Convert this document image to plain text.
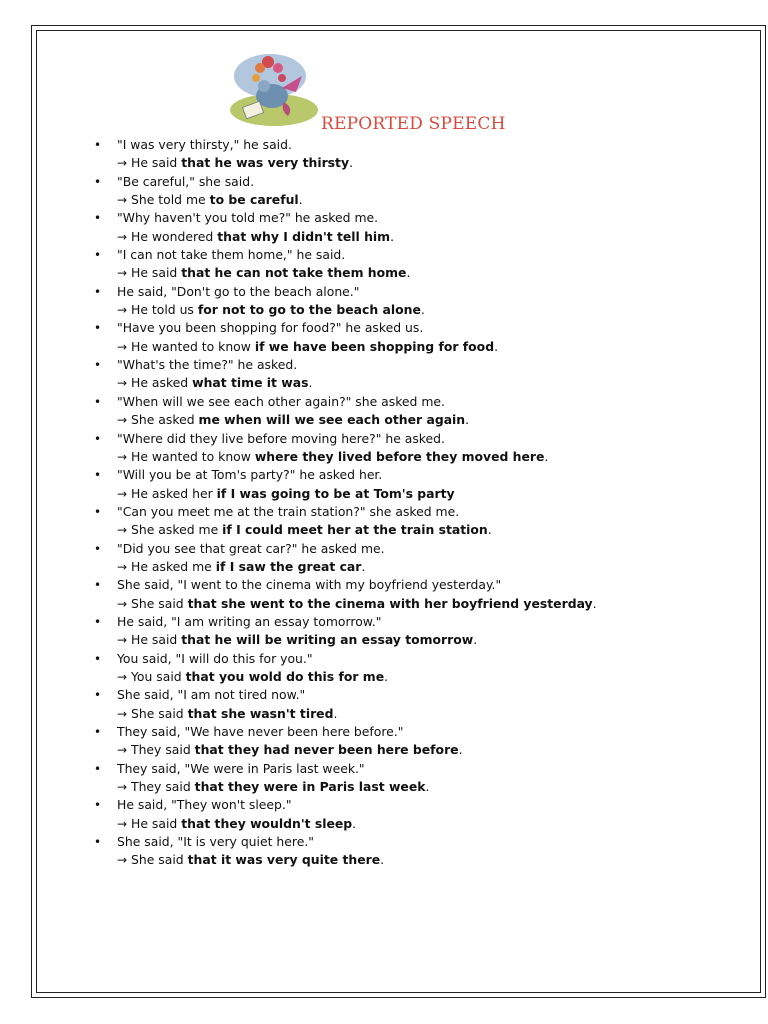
REPORTED SPEECH
• "I was very thirsty," he said.
→ He said that he was very thirsty.
• "Be careful," she said.
→ She told me to be careful.
• "Why haven't you told me?" he asked me.
→ He wondered that why I didn't tell him.
• "I can not take them home," he said.
→ He said that he can not take them home.
• He said, "Don't go to the beach alone."
→ He told us for not to go to the beach alone.
• "Have you been shopping for food?" he asked us.
→ He wanted to know if we have been shopping for food.
• "What's the time?" he asked.
→ He asked what time it was.
• "When will we see each other again?" she asked me.
→ She asked me when will we see each other again.
• "Where did they live before moving here?" he asked.
→ He wanted to know where they lived before they moved here.
• "Will you be at Tom's party?" he asked her.
→ He asked her if I was going to be at Tom's party
• "Can you meet me at the train station?" she asked me.
→ She asked me if I could meet her at the train station.
• "Did you see that great car?" he asked me.
→ He asked me if I saw the great car.
• She said, "I went to the cinema with my boyfriend yesterday."
→ She said that she went to the cinema with her boyfriend yesterday.
• He said, "I am writing an essay tomorrow."
→ He said that he will be writing an essay tomorrow.
• You said, "I will do this for you."
→ You said that you wold do this for me.
• She said, "I am not tired now."
→ She said that she wasn't tired.
• They said, "We have never been here before."
→ They said that they had never been here before.
• They said, "We were in Paris last week."
→ They said that they were in Paris last week.
• He said, "They won't sleep."
→ He said that they wouldn't sleep.
• She said, "It is very quiet here."
→ She said that it was very quite there.
